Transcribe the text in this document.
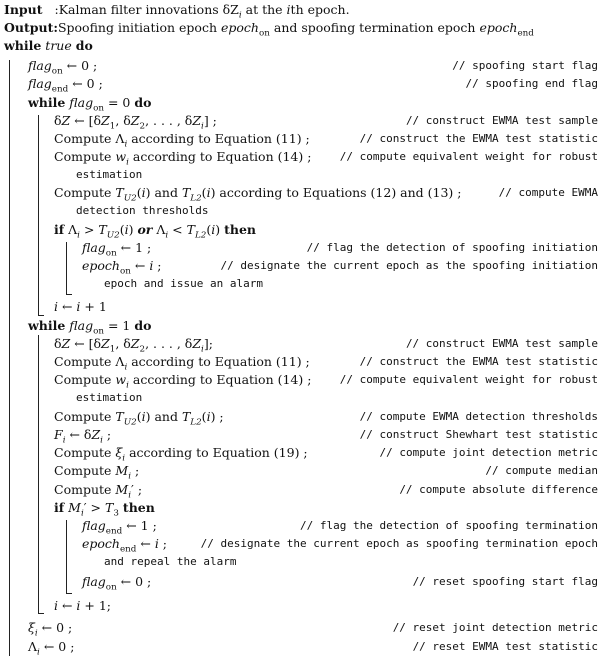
Input   :Kalman filter innovations $\delta Z_i$ at the ith epoch.
Output:Spoofing initiation epoch epoch$_{on}$ and spoofing termination epoch epoch$_{end}$
while true do
flag$_{on}$ ← 0 ;	// spoofing start flag
flag$_{end}$ ← 0 ;	// spoofing end flag
while flag$_{on}$ = 0 do
δZ ← [$\delta Z_1$, $\delta Z_2$, . . . , $\delta Z_i$] ;	// construct EWMA test sample
Compute $\Lambda_i$ according to Equation (11) ;	// construct the EWMA test statistic
Compute $w_i$ according to Equation (14) ;	// compute equivalent weight for robust
estimation
Compute $T_{U2}(i)$ and $T_{L2}(i)$ according to Equations (12) and (13) ;	// compute EWMA
detection thresholds
if $\Lambda_i > T_{U2}(i)$ or $\Lambda_i < T_{L2}(i)$ then
flag$_{on}$ ← 1 ;	// flag the detection of spoofing initiation
epoch$_{on}$ ← i ;	// designate the current epoch as the spoofing initiation
epoch and issue an alarm
i ← i + 1
while flag$_{on}$ = 1 do
δZ ← [$\delta Z_1$, $\delta Z_2$, . . . , $\delta Z_i$];	// construct EWMA test sample
Compute $\Lambda_i$ according to Equation (11) ;	// construct the EWMA test statistic
Compute $w_i$ according to Equation (14) ;	// compute equivalent weight for robust
estimation
Compute $T_{U2}(i)$ and $T_{L2}(i)$ ;	// compute EWMA detection thresholds
$F_i$ ← $\delta Z_i$ ;	// construct Shewhart test statistic
Compute $\xi_i$ according to Equation (19) ;	// compute joint detection metric
Compute $M_i$ ;	// compute median
Compute $M_i'$ ;	// compute absolute difference
if $M_i' > T_3$ then
flag$_{end}$ ← 1 ;	// flag the detection of spoofing termination
epoch$_{end}$ ← i ;	// designate the current epoch as spoofing termination epoch
and repeal the alarm
flag$_{on}$ ← 0 ;	// reset spoofing start flag
i ← i + 1;
$\xi_i$ ← 0 ;	// reset joint detection metric
$\Lambda_i$ ← 0 ;	// reset EWMA test statistic
